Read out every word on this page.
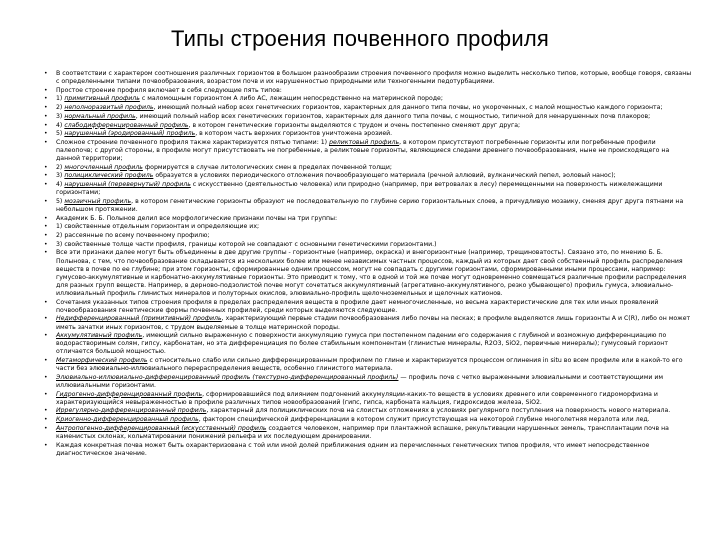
Типы строения почвенного профиля
• В соответствии с характером соотношения различных горизонтов в большом разнообразии строения почвенного профиля можно выделить несколько типов, которые, вообще говоря, связаны с определенными типами почвообразования, возрастом почв и их нарушенностью природными или техногенными педотурбациями.
• Простое строение профиля включает в себя следующие пять типов:
• 1) примитивный профиль с маломощным горизонтом А либо АС, лежащим непосредственно на материнской породе;
• 2) неполноразвитый профиль, имеющий полный набор всех генетических горизонтов, характерных для данного типа почвы, но укороченных, с малой мощностью каждого горизонта;
• 3) нормальный профиль, имеющий полный набор всех генетических горизонтов, характерных для данного типа почвы, с мощностью, типичной для ненарушенных почв плакоров;
• 4) слабодифференцированный профиль, в котором генетические горизонты выделяются с трудом и очень постепенно сменяют друг друга;
• 5) нарушенный (эродированный) профиль, в котором часть верхних горизонтов уничтожена эрозией.
• Сложное строение почвенного профиля также характеризуется пятью типами: 1) реликтовый профиль, в котором присутствуют погребенные горизонты или погребенные профили палеопочв; с другой стороны, в профиле могут присутствовать не погребенные, а реликтовые горизонты, являющиеся следами древнего почвообразования, ныне не происходящего на данной территории;
• 2) многочленный профиль формируется в случае литологических смен в пределах почвенной толщи;
• 3) полициклический профиль образуется в условиях периодического отложения почвообразующего материала (речной аллювий, вулканический пепел, эоловый нанос);
• 4) нарушенный (перевернутый) профиль с искусственно (деятельностью человека) или природно (например, при ветровалах в лесу) перемещенными на поверхность нижележащими горизонтами;
• 5) мозаичный профиль, в котором генетические горизонты образуют не последовательную по глубине серию горизонтальных слоев, а причудливую мозаику, сменяя друг друга пятнами на небольшом протяжении.
• Академик Б. Б. Полынов делил все морфологические признаки почвы на три группы:
• 1) свойственные отдельным горизонтам и определяющие их;
• 2) рассеянные по всему почвенному профилю;
• 3) свойственные толще части профиля, границы которой не совпадают с основными генетическими горизонтами.)
• Все эти признаки далее могут быть объединены в две другие группы - горизонтные (например, окраска) и внегоризонтные (например, трещиноватость). Связано это, по мнению Б. Б. Полынова, с тем, что почвообразование складывается из нескольких более или менее независимых частных процессов, каждый из которых дает свой собственный профиль распределения веществ в почве по ее глубине; при этом горизонты, сформированные одним процессом, могут не совпадать с другими горизонтами, сформированными иными процессами, например: гумусово-аккумулятивные и карбонатно-аккумулятивные горизонты. Это приводит к тому, что в одной и той же почве могут одновременно совмещаться различные профили распределения для разных групп веществ. Например, в дерново-подзолистой почве могут сочетаться аккумулятивный (агрегативно-аккумулятивного, резко убывающего) профиль гумуса, элювиально-иллювиальный профиль глинистых минералов и полуторных окислов, элювиально-профиль щелочноземельных и щелочных катионов.
• Сочетания указанных типов строения профиля в пределах распределения веществ в профиле дает немногочисленные, но весьма характеристические для тех или иных проявлений почвообразования генетические формы почвенных профилей, среди которых выделяются следующие.
• Недифференцированный (примитивный) профиль, характеризующий первые стадии почвообразования либо почвы на песках; в профиле выделяются лишь горизонты А и С(R), либо он может иметь зачатки иных горизонтов, с трудом выделяемые в толще материнской породы.
• Аккумулятивный профиль, имеющий сильно выраженную с поверхности аккумуляцию гумуса при постепенном падении его содержания с глубиной и возможную дифференциацию по водорастворимым солям, гипсу, карбонатам, но эта дифференциация по более стабильным компонентам (глинистые минералы, R2O3, SiO2, первичные минералы); гумусовый горизонт отличается большой мощностью.
• Метаморфический профиль с относительно слабо или сильно дифференцированным профилем по глине и характеризуется процессом оглинения in situ во всем профиле или в какой-то его части без элювиально-иллювиального перераспределения веществ, особенно глинистого материала.
• Элювиально-иллювиально-дифференцированный профиль (текстурно-дифференцированный профиль) — профиль почв с четко выраженными элювиальными и соответствующими им иллювиальными горизонтами.
• Гидрогенно-дифференцированный профиль, сформировавшийся под влиянием подгонений аккумуляции-каких-то веществ в условиях древнего или современного гидроморфизма и характеризующийся невыраженностью в профиле различных типов новообразований (гипс, гипса, карбоната кальция, гидроксидов железа, SiO2.
• Иррегулярно-дифференцированный профиль, характерный для полициклических почв на слоистых отложениях в условиях регулярного поступления на поверхность нового материала.
• Криогенно-дифференцированный профиль, фактором специфической дифференциации в котором служит присутствующая на некоторой глубине многолетняя мерзлота или лед.
• Антропогенно-дифференцированный (искусственный) профиль создается человеком, например при плантажной вспашке, рекультивации нарушенных земель, трансплантации почв на каменистых склонах, кольматировании понижений рельефа и их последующем дренировании.
• Каждая конкретная почва может быть охарактеризована с той или иной долей приближения одним из перечисленных генетических типов профиля, что имеет непосредственное диагностическое значение.
